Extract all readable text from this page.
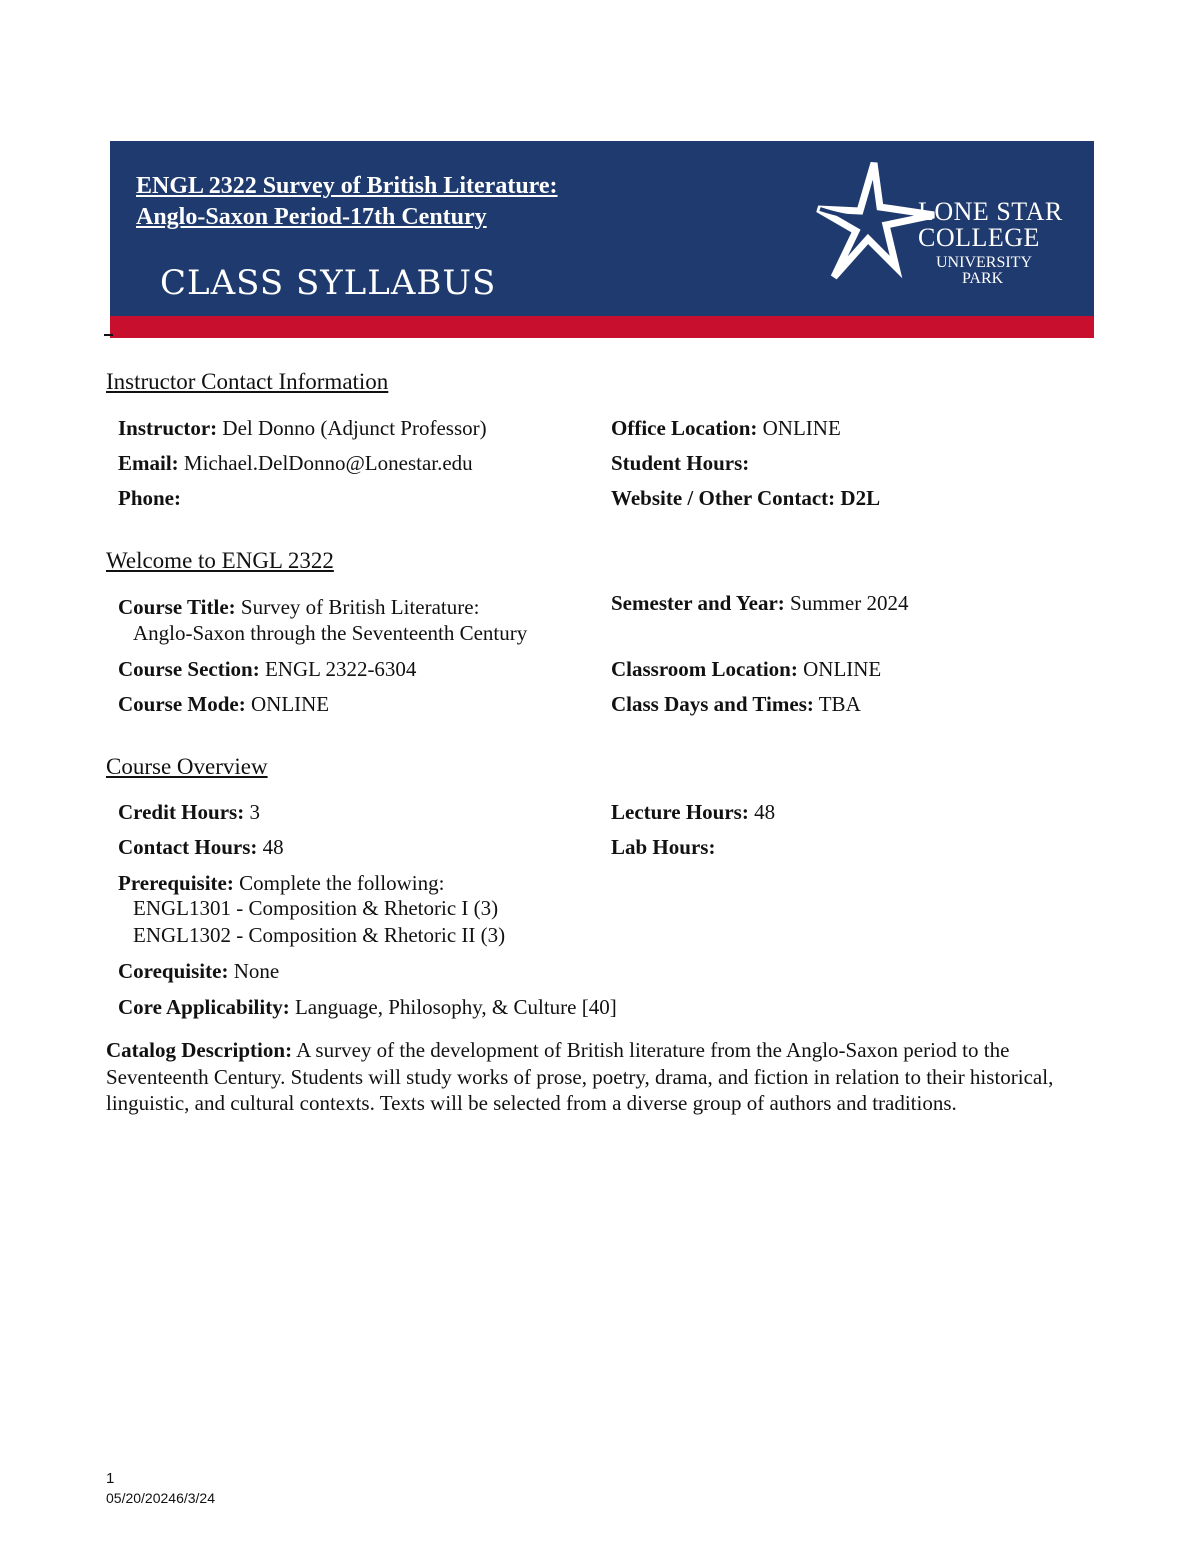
ENGL 2322 Survey of British Literature:
Anglo-Saxon Period-17th Century
CLASS SYLLABUS
LONE STAR
COLLEGE
UNIVERSITY
PARK
Instructor Contact Information
Instructor: Del Donno (Adjunct Professor)
Email: Michael.DelDonno@Lonestar.edu
Phone:
Office Location: ONLINE
Student Hours:
Website / Other Contact: D2L
Welcome to ENGL 2322
Course Title: Survey of British Literature:
Anglo-Saxon through the Seventeenth Century
Course Section: ENGL 2322-6304
Course Mode: ONLINE
Semester and Year: Summer 2024
Classroom Location: ONLINE
Class Days and Times: TBA
Course Overview
Credit Hours: 3
Contact Hours: 48
Lecture Hours: 48
Lab Hours:
Prerequisite: Complete the following:
ENGL1301 - Composition & Rhetoric I (3)
ENGL1302 - Composition & Rhetoric II (3)
Corequisite: None
Core Applicability: Language, Philosophy, & Culture [40]
Catalog Description: A survey of the development of British literature from the Anglo-Saxon period to the Seventeenth Century. Students will study works of prose, poetry, drama, and fiction in relation to their historical, linguistic, and cultural contexts. Texts will be selected from a diverse group of authors and traditions.
1
05/20/20246/3/24
